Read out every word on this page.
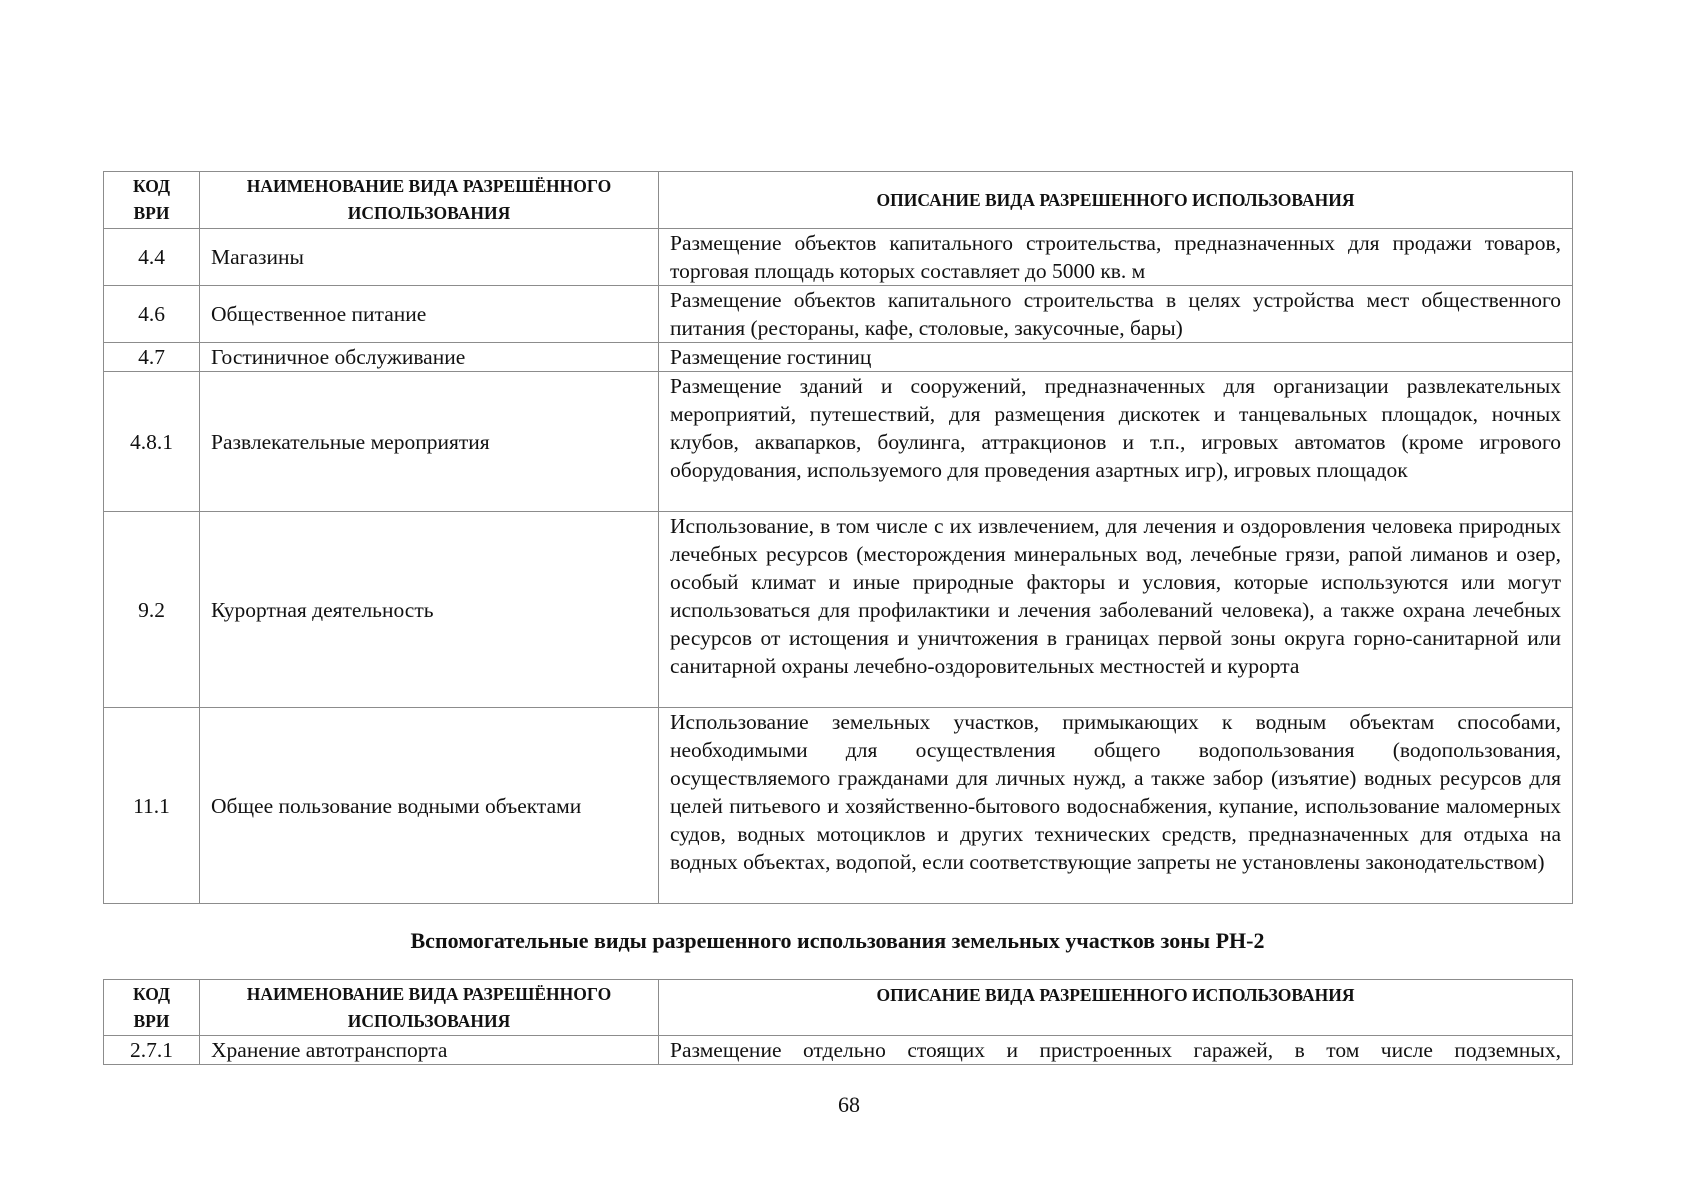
КОД ВРИ	НАИМЕНОВАНИЕ ВИДА РАЗРЕШЁННОГО ИСПОЛЬЗОВАНИЯ	ОПИСАНИЕ ВИДА РАЗРЕШЕННОГО ИСПОЛЬЗОВАНИЯ
4.4	Магазины	Размещение объектов капитального строительства, предназначенных для продажи товаров, торговая площадь которых составляет до 5000 кв. м
4.6	Общественное питание	Размещение объектов капитального строительства в целях устройства мест общественного питания (рестораны, кафе, столовые, закусочные, бары)
4.7	Гостиничное обслуживание	Размещение гостиниц
4.8.1	Развлекательные мероприятия	Размещение зданий и сооружений, предназначенных для организации развлекательных мероприятий, путешествий, для размещения дискотек и танцевальных площадок, ночных клубов, аквапарков, боулинга, аттракционов и т.п., игровых автоматов (кроме игрового оборудования, используемого для проведения азартных игр), игровых площадок
9.2	Курортная деятельность	Использование, в том числе с их извлечением, для лечения и оздоровления человека природных лечебных ресурсов (месторождения минеральных вод, лечебные грязи, рапой лиманов и озер, особый климат и иные природные факторы и условия, которые используются или могут использоваться для профилактики и лечения заболеваний человека), а также охрана лечебных ресурсов от истощения и уничтожения в границах первой зоны округа горно-санитарной или санитарной охраны лечебно-оздоровительных местностей и курорта
11.1	Общее пользование водными объектами	Использование земельных участков, примыкающих к водным объектам способами, необходимыми для осуществления общего водопользования (водопользования, осуществляемого гражданами для личных нужд, а также забор (изъятие) водных ресурсов для целей питьевого и хозяйственно-бытового водоснабжения, купание, использование маломерных судов, водных мотоциклов и других технических средств, предназначенных для отдыха на водных объектах, водопой, если соответствующие запреты не установлены законодательством)
Вспомогательные виды разрешенного использования земельных участков зоны РН-2
КОД ВРИ	НАИМЕНОВАНИЕ ВИДА РАЗРЕШЁННОГО ИСПОЛЬЗОВАНИЯ	ОПИСАНИЕ ВИДА РАЗРЕШЕННОГО ИСПОЛЬЗОВАНИЯ
2.7.1	Хранение автотранспорта	Размещение отдельно стоящих и пристроенных гаражей, в том числе подземных,
68
